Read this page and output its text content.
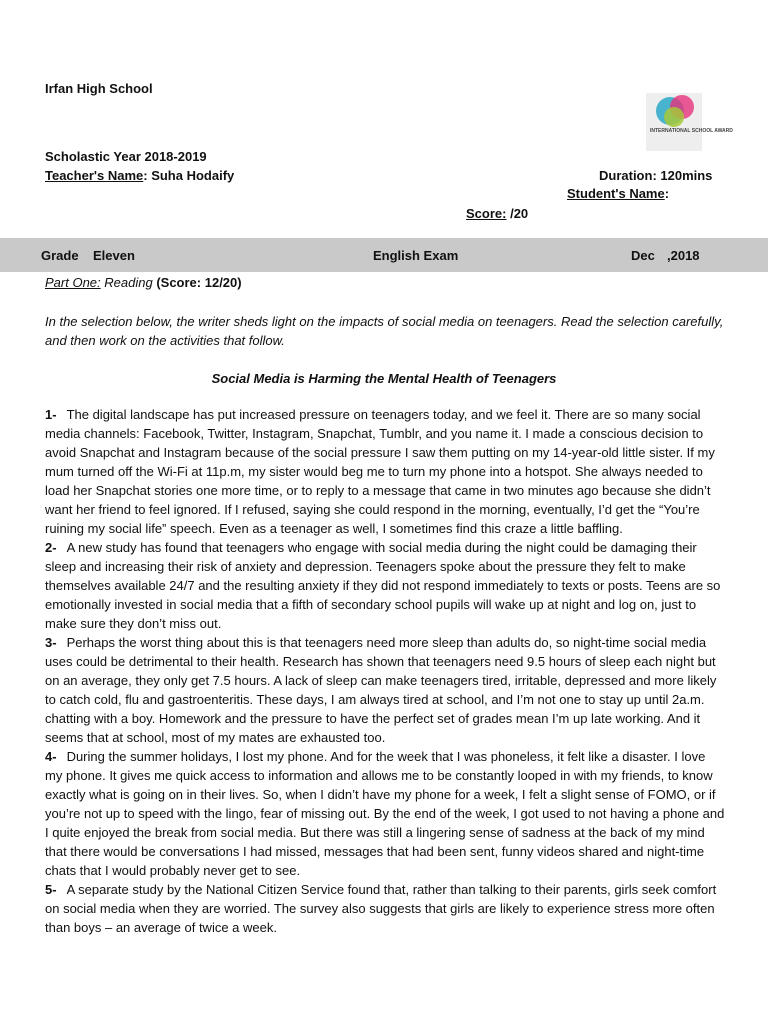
Irfan High School
INTERNATIONAL SCHOOL AWARD
Scholastic Year 2018-2019
Teacher's Name: Suha Hodaify	Duration: 120mins
Student's Name:
Score: /20
Grade Eleven	English Exam	Dec ,2018
Part One: Reading (Score: 12/20)
In the selection below, the writer sheds light on the impacts of social media on teenagers. Read the selection carefully, and then work on the activities that follow.
Social Media is Harming the Mental Health of Teenagers
1- The digital landscape has put increased pressure on teenagers today, and we feel it. There are so many social media channels: Facebook, Twitter, Instagram, Snapchat, Tumblr, and you name it. I made a conscious decision to avoid Snapchat and Instagram because of the social pressure I saw them putting on my 14-year-old little sister. If my mum turned off the Wi-Fi at 11p.m, my sister would beg me to turn my phone into a hotspot. She always needed to load her Snapchat stories one more time, or to reply to a message that came in two minutes ago because she didn’t want her friend to feel ignored. If I refused, saying she could respond in the morning, eventually, I’d get the “You’re ruining my social life” speech. Even as a teenager as well, I sometimes find this craze a little baffling.
2- A new study has found that teenagers who engage with social media during the night could be damaging their sleep and increasing their risk of anxiety and depression. Teenagers spoke about the pressure they felt to make themselves available 24/7 and the resulting anxiety if they did not respond immediately to texts or posts. Teens are so emotionally invested in social media that a fifth of secondary school pupils will wake up at night and log on, just to make sure they don’t miss out.
3- Perhaps the worst thing about this is that teenagers need more sleep than adults do, so night-time social media uses could be detrimental to their health. Research has shown that teenagers need 9.5 hours of sleep each night but on an average, they only get 7.5 hours. A lack of sleep can make teenagers tired, irritable, depressed and more likely to catch cold, flu and gastroenteritis. These days, I am always tired at school, and I’m not one to stay up until 2a.m. chatting with a boy. Homework and the pressure to have the perfect set of grades mean I’m up late working. And it seems that at school, most of my mates are exhausted too.
4- During the summer holidays, I lost my phone. And for the week that I was phoneless, it felt like a disaster. I love my phone. It gives me quick access to information and allows me to be constantly looped in with my friends, to know exactly what is going on in their lives. So, when I didn’t have my phone for a week, I felt a slight sense of FOMO, or if you’re not up to speed with the lingo, fear of missing out. By the end of the week, I got used to not having a phone and I quite enjoyed the break from social media. But there was still a lingering sense of sadness at the back of my mind that there would be conversations I had missed, messages that had been sent, funny videos shared and night-time chats that I would probably never get to see.
5- A separate study by the National Citizen Service found that, rather than talking to their parents, girls seek comfort on social media when they are worried. The survey also suggests that girls are likely to experience stress more often than boys – an average of twice a week.
